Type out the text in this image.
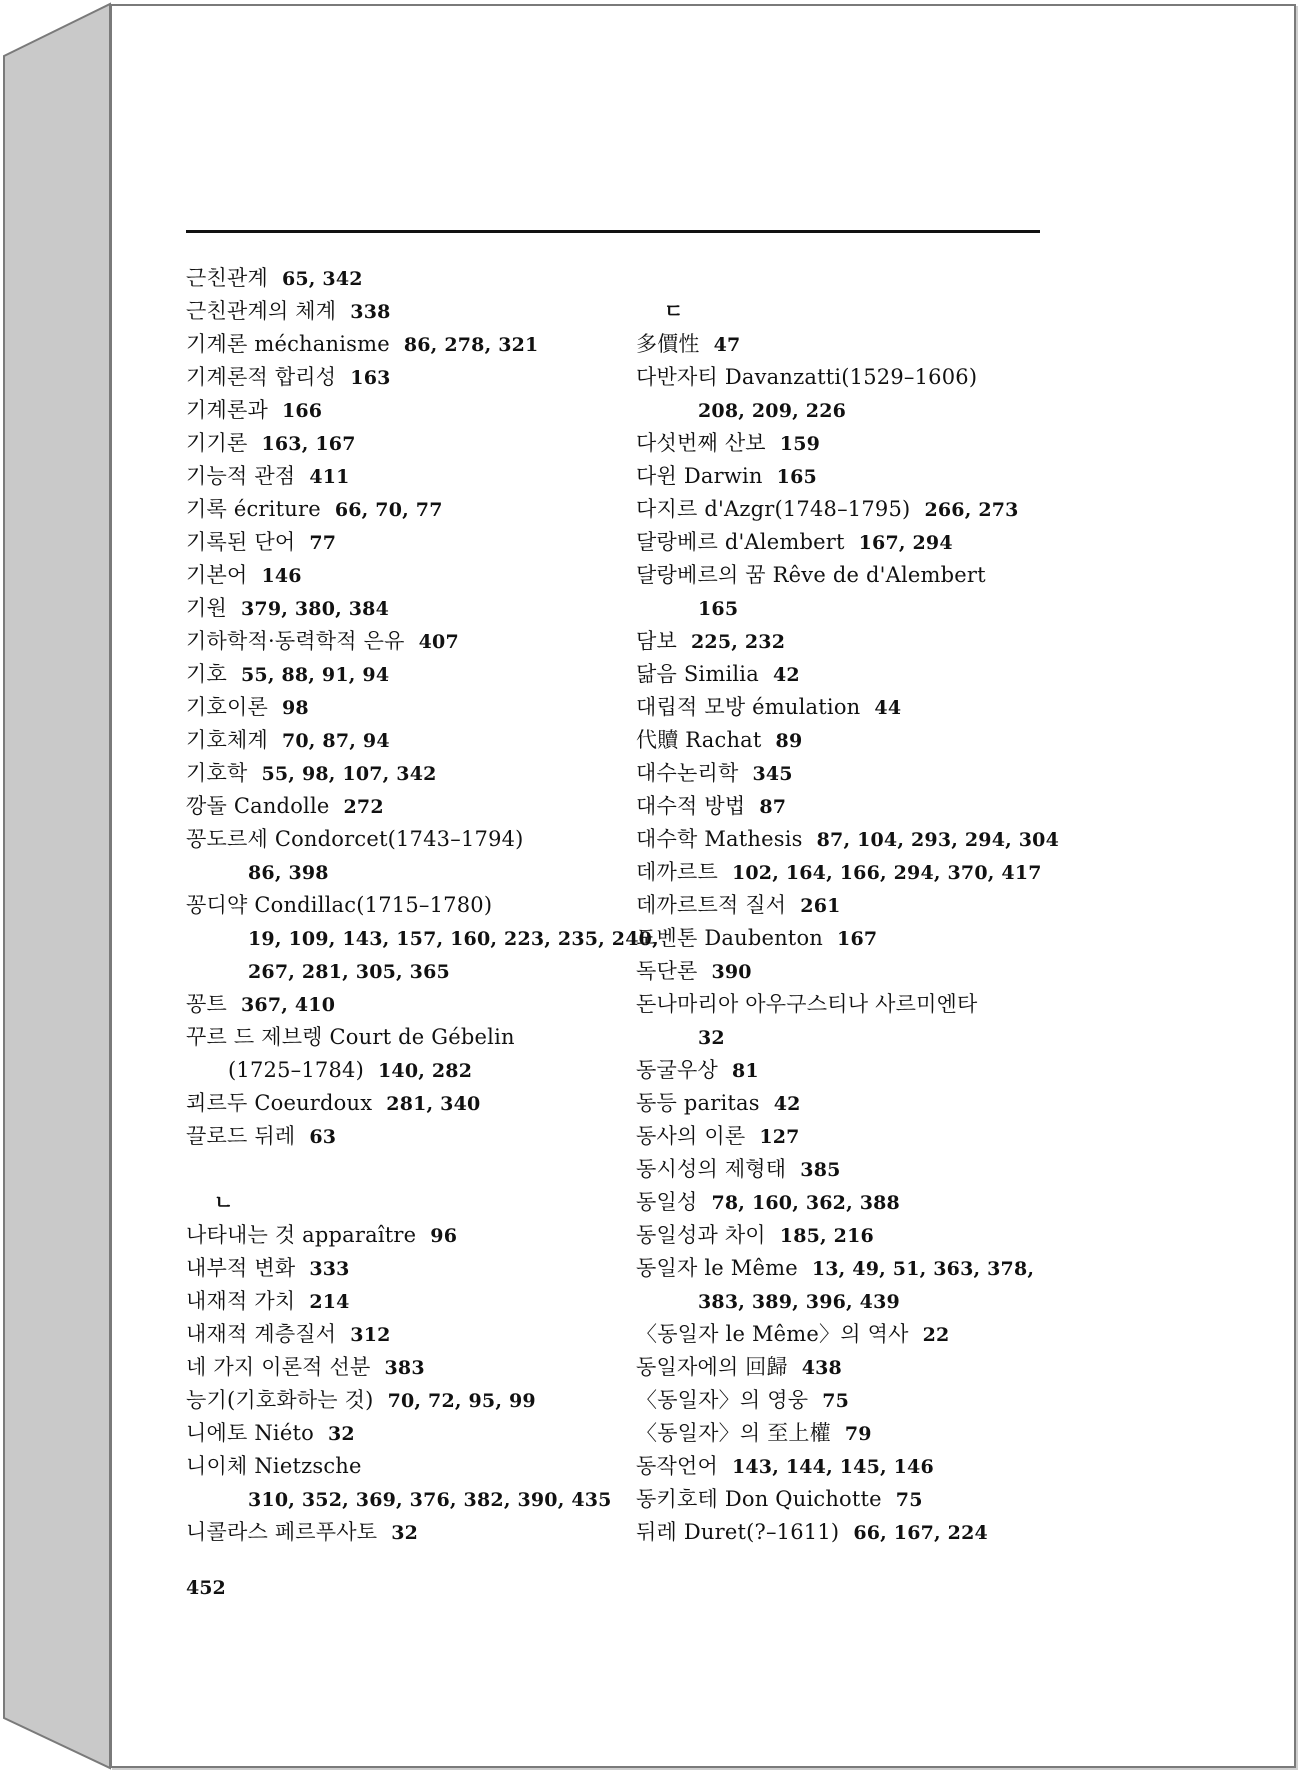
근친관계 65, 342
근친관계의 체계 338
기계론 méchanisme 86, 278, 321
기계론적 합리성 163
기계론과 166
기기론 163, 167
기능적 관점 411
기록 écriture 66, 70, 77
기록된 단어 77
기본어 146
기원 379, 380, 384
기하학적·동력학적 은유 407
기호 55, 88, 91, 94
기호이론 98
기호체계 70, 87, 94
기호학 55, 98, 107, 342
깡돌 Candolle 272
꽁도르세 Condorcet(1743–1794)
86, 398
꽁디약 Condillac(1715–1780)
19, 109, 143, 157, 160, 223, 235, 240,
267, 281, 305, 365
꽁트 367, 410
꾸르 드 제브렝 Court de Gébelin
(1725–1784) 140, 282
쾨르두 Coeurdoux 281, 340
끌로드 뒤레 63
ㄴ
나타내는 것 apparaître 96
내부적 변화 333
내재적 가치 214
내재적 계층질서 312
네 가지 이론적 선분 383
능기(기호화하는 것) 70, 72, 95, 99
니에토 Niéto 32
니이체 Nietzsche
310, 352, 369, 376, 382, 390, 435
니콜라스 페르푸사토 32
ㄷ
多價性 47
다반자티 Davanzatti(1529–1606)
208, 209, 226
다섯번째 산보 159
다윈 Darwin 165
다지르 d'Azgr(1748–1795) 266, 273
달랑베르 d'Alembert 167, 294
달랑베르의 꿈 Rêve de d'Alembert
165
담보 225, 232
닮음 Similia 42
대립적 모방 émulation 44
代贖 Rachat 89
대수논리학 345
대수적 방법 87
대수학 Mathesis 87, 104, 293, 294, 304
데까르트 102, 164, 166, 294, 370, 417
데까르트적 질서 261
도벤톤 Daubenton 167
독단론 390
돈나마리아 아우구스티나 사르미엔타
32
동굴우상 81
동등 paritas 42
동사의 이론 127
동시성의 제형태 385
동일성 78, 160, 362, 388
동일성과 차이 185, 216
동일자 le Même 13, 49, 51, 363, 378,
383, 389, 396, 439
〈동일자 le Même〉의 역사 22
동일자에의 回歸 438
〈동일자〉의 영웅 75
〈동일자〉의 至上權 79
동작언어 143, 144, 145, 146
동키호테 Don Quichotte 75
뒤레 Duret(?–1611) 66, 167, 224
452
